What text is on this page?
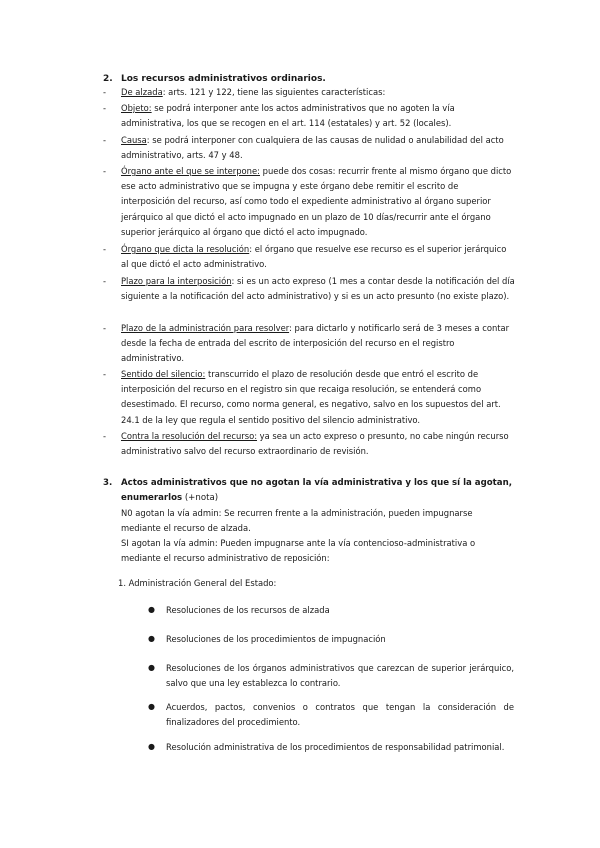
2. Los recursos administrativos ordinarios.
- De alzada: arts. 121 y 122, tiene las siguientes características:
- Objeto: se podrá interponer ante los actos administrativos que no agoten la vía administrativa, los que se recogen en el art. 114 (estatales) y art. 52 (locales).
- Causa: se podrá interponer con cualquiera de las causas de nulidad o anulabilidad del acto administrativo, arts. 47 y 48.
- Órgano ante el que se interpone: puede dos cosas: recurrir frente al mismo órgano que dicto ese acto administrativo que se impugna y este órgano debe remitir el escrito de interposición del recurso, así como todo el expediente administrativo al órgano superior jerárquico al que dictó el acto impugnado en un plazo de 10 días/recurrir ante el órgano superior jerárquico al órgano que dictó el acto impugnado.
- Órgano que dicta la resolución: el órgano que resuelve ese recurso es el superior jerárquico al que dictó el acto administrativo.
- Plazo para la interposición: si es un acto expreso (1 mes a contar desde la notificación del día siguiente a la notificación del acto administrativo) y si es un acto presunto (no existe plazo).
- Plazo de la administración para resolver: para dictarlo y notificarlo será de 3 meses a contar desde la fecha de entrada del escrito de interposición del recurso en el registro administrativo.
- Sentido del silencio: transcurrido el plazo de resolución desde que entró el escrito de interposición del recurso en el registro sin que recaiga resolución, se entenderá como desestimado. El recurso, como norma general, es negativo, salvo en los supuestos del art. 24.1 de la ley que regula el sentido positivo del silencio administrativo.
- Contra la resolución del recurso: ya sea un acto expreso o presunto, no cabe ningún recurso administrativo salvo del recurso extraordinario de revisión.
3. Actos administrativos que no agotan la vía administrativa y los que sí la agotan,
enumerarlos (+nota)
N0 agotan la vía admin: Se recurren frente a la administración, pueden impugnarse
mediante el recurso de alzada.
SI agotan la vía admin: Pueden impugnarse ante la vía contencioso-administrativa o
mediante el recurso administrativo de reposición:
1. Administración General del Estado:
● Resoluciones de los recursos de alzada
● Resoluciones de los procedimientos de impugnación
● Resoluciones de los órganos administrativos que carezcan de superior jerárquico, salvo que una ley establezca lo contrario.
● Acuerdos, pactos, convenios o contratos que tengan la consideración de finalizadores del procedimiento.
● Resolución administrativa de los procedimientos de responsabilidad patrimonial.
